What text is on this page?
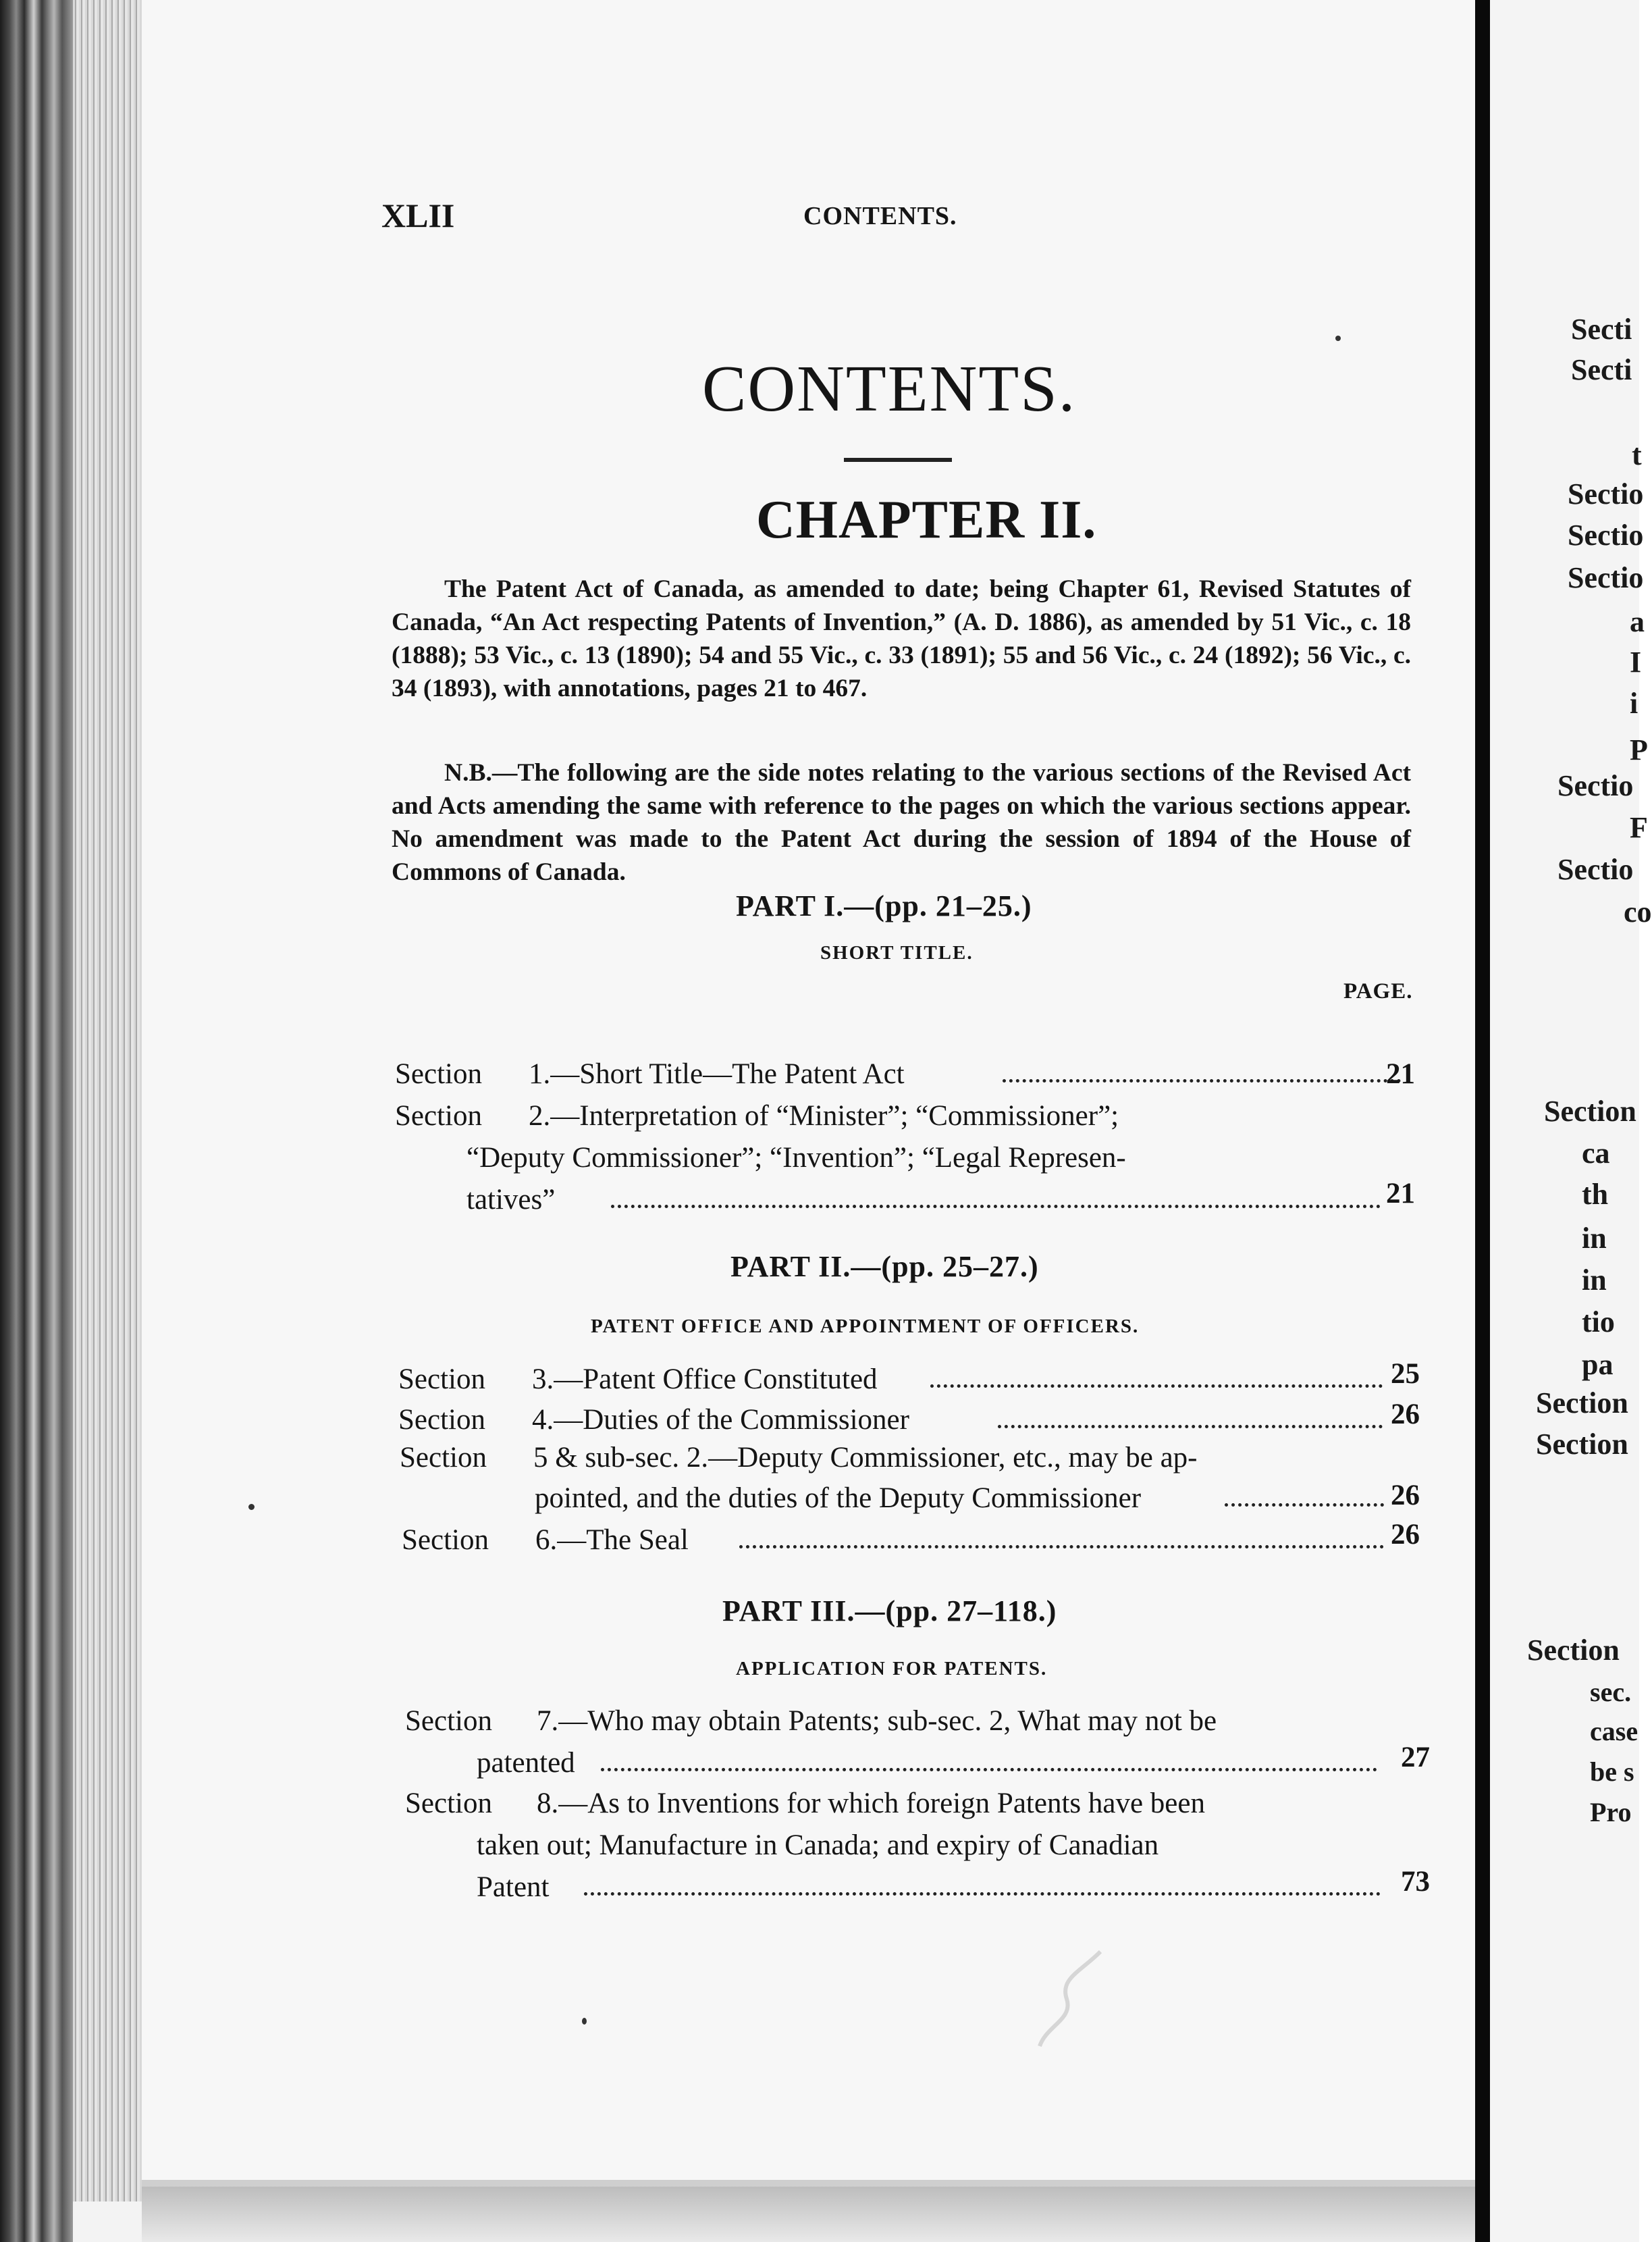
Secti
Secti
t
Sectio
Sectio
Sectio
a
I
i
P
Sectio
F
Sectio
co
Section
ca
th
in
in
tio
pa
Section
Section
Section
sec.
case
be s
Pro
XLII	CONTENTS.
CONTENTS.
CHAPTER II.

The Patent Act of Canada, as amended to date; being Chapter 61, Revised Statutes of Canada, “An Act respecting Patents of Invention,” (A. D. 1886), as amended by 51 Vic., c. 18 (1888); 53 Vic., c. 13 (1890); 54 and 55 Vic., c. 33 (1891); 55 and 56 Vic., c. 24 (1892); 56 Vic., c. 34 (1893), with annotations, pages 21 to 467.

N.B.—The following are the side notes relating to the various sections of the Revised Act and Acts amending the same with reference to the pages on which the various sections appear. No amendment was made to the Patent Act during the session of 1894 of the House of Commons of Canada.

PART I.—(pp. 21–25.)
SHORT TITLE.
PAGE.
Section 1.—Short Title—The Patent Act	21
Section 2.—Interpretation of “Minister”; “Commissioner”;
“Deputy Commissioner”; “Invention”; “Legal Represen-
tatives”	21
PART II.—(pp. 25–27.)
PATENT OFFICE AND APPOINTMENT OF OFFICERS.
Section 3.—Patent Office Constituted	25
Section 4.—Duties of the Commissioner	26
Section 5 & sub-sec. 2.—Deputy Commissioner, etc., may be ap-
pointed, and the duties of the Deputy Commissioner	26
Section 6.—The Seal	26
PART III.—(pp. 27–118.)
APPLICATION FOR PATENTS.
Section 7.—Who may obtain Patents; sub-sec. 2, What may not be
patented	27
Section 8.—As to Inventions for which foreign Patents have been
taken out; Manufacture in Canada; and expiry of Canadian
Patent	73
